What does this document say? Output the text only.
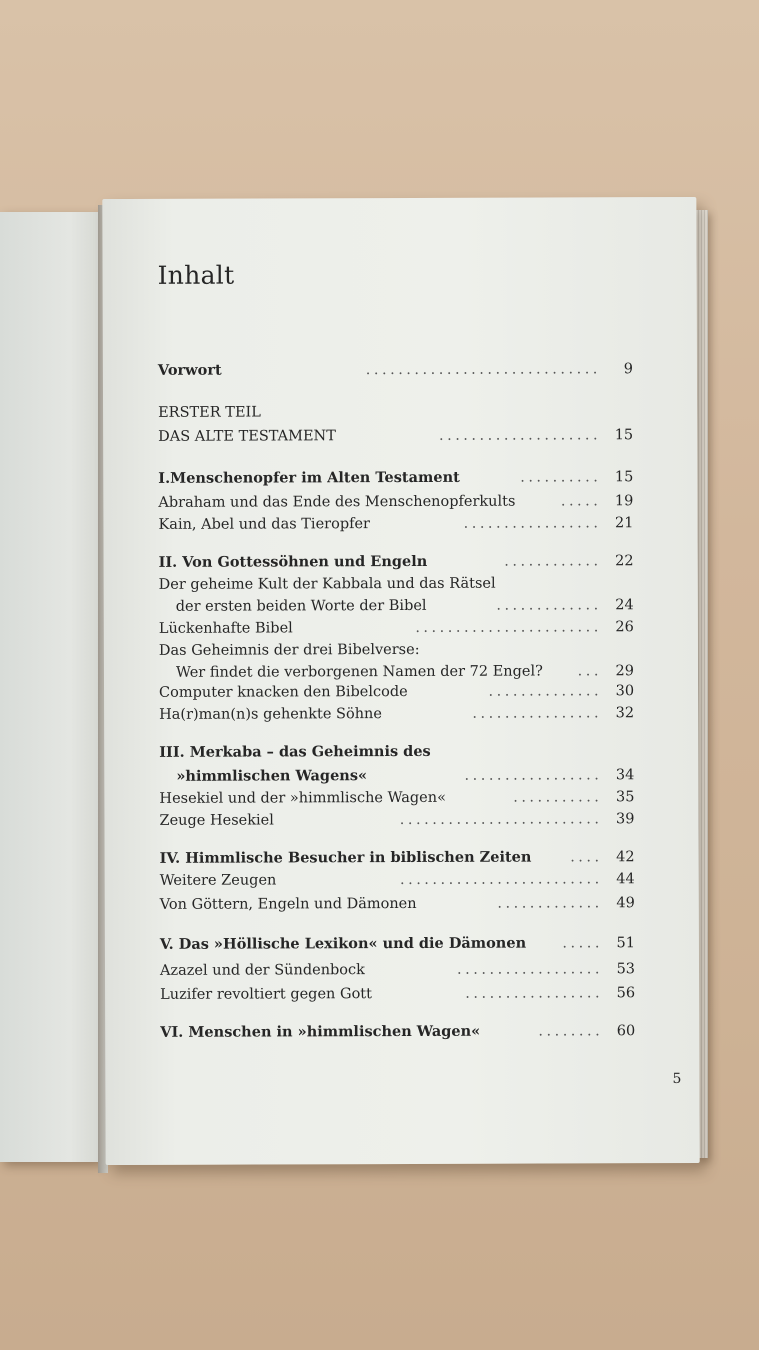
Inhalt
Vorwort	.............................	9
ERSTER TEIL
DAS ALTE TESTAMENT	.................... 15
I.Menschenopfer im Alten Testament	.......... 15
Abraham und das Ende des Menschenopferkults	..... 19
Kain, Abel und das Tieropfer	................. 21
II. Von Gottessöhnen und Engeln	............ 22
Der geheime Kult der Kabbala und das Rätsel
der ersten beiden Worte der Bibel	............. 24
Lückenhafte Bibel	....................... 26
Das Geheimnis der drei Bibelverse:
Wer findet die verborgenen Namen der 72 Engel?	... 29
Computer knacken den Bibelcode	.............. 30
Ha(r)man(n)s gehenkte Söhne	................ 32
III. Merkaba – das Geheimnis des
»himmlischen Wagens«	................. 34
Hesekiel und der »himmlische Wagen«	........... 35
Zeuge Hesekiel	......................... 39
IV. Himmlische Besucher in biblischen Zeiten	.... 42
Weitere Zeugen	......................... 44
Von Göttern, Engeln und Dämonen	............. 49
V. Das »Höllische Lexikon« und die Dämonen	..... 51
Azazel und der Sündenbock	.................. 53
Luzifer revoltiert gegen Gott	................. 56
VI. Menschen in »himmlischen Wagen«	........ 60
5
